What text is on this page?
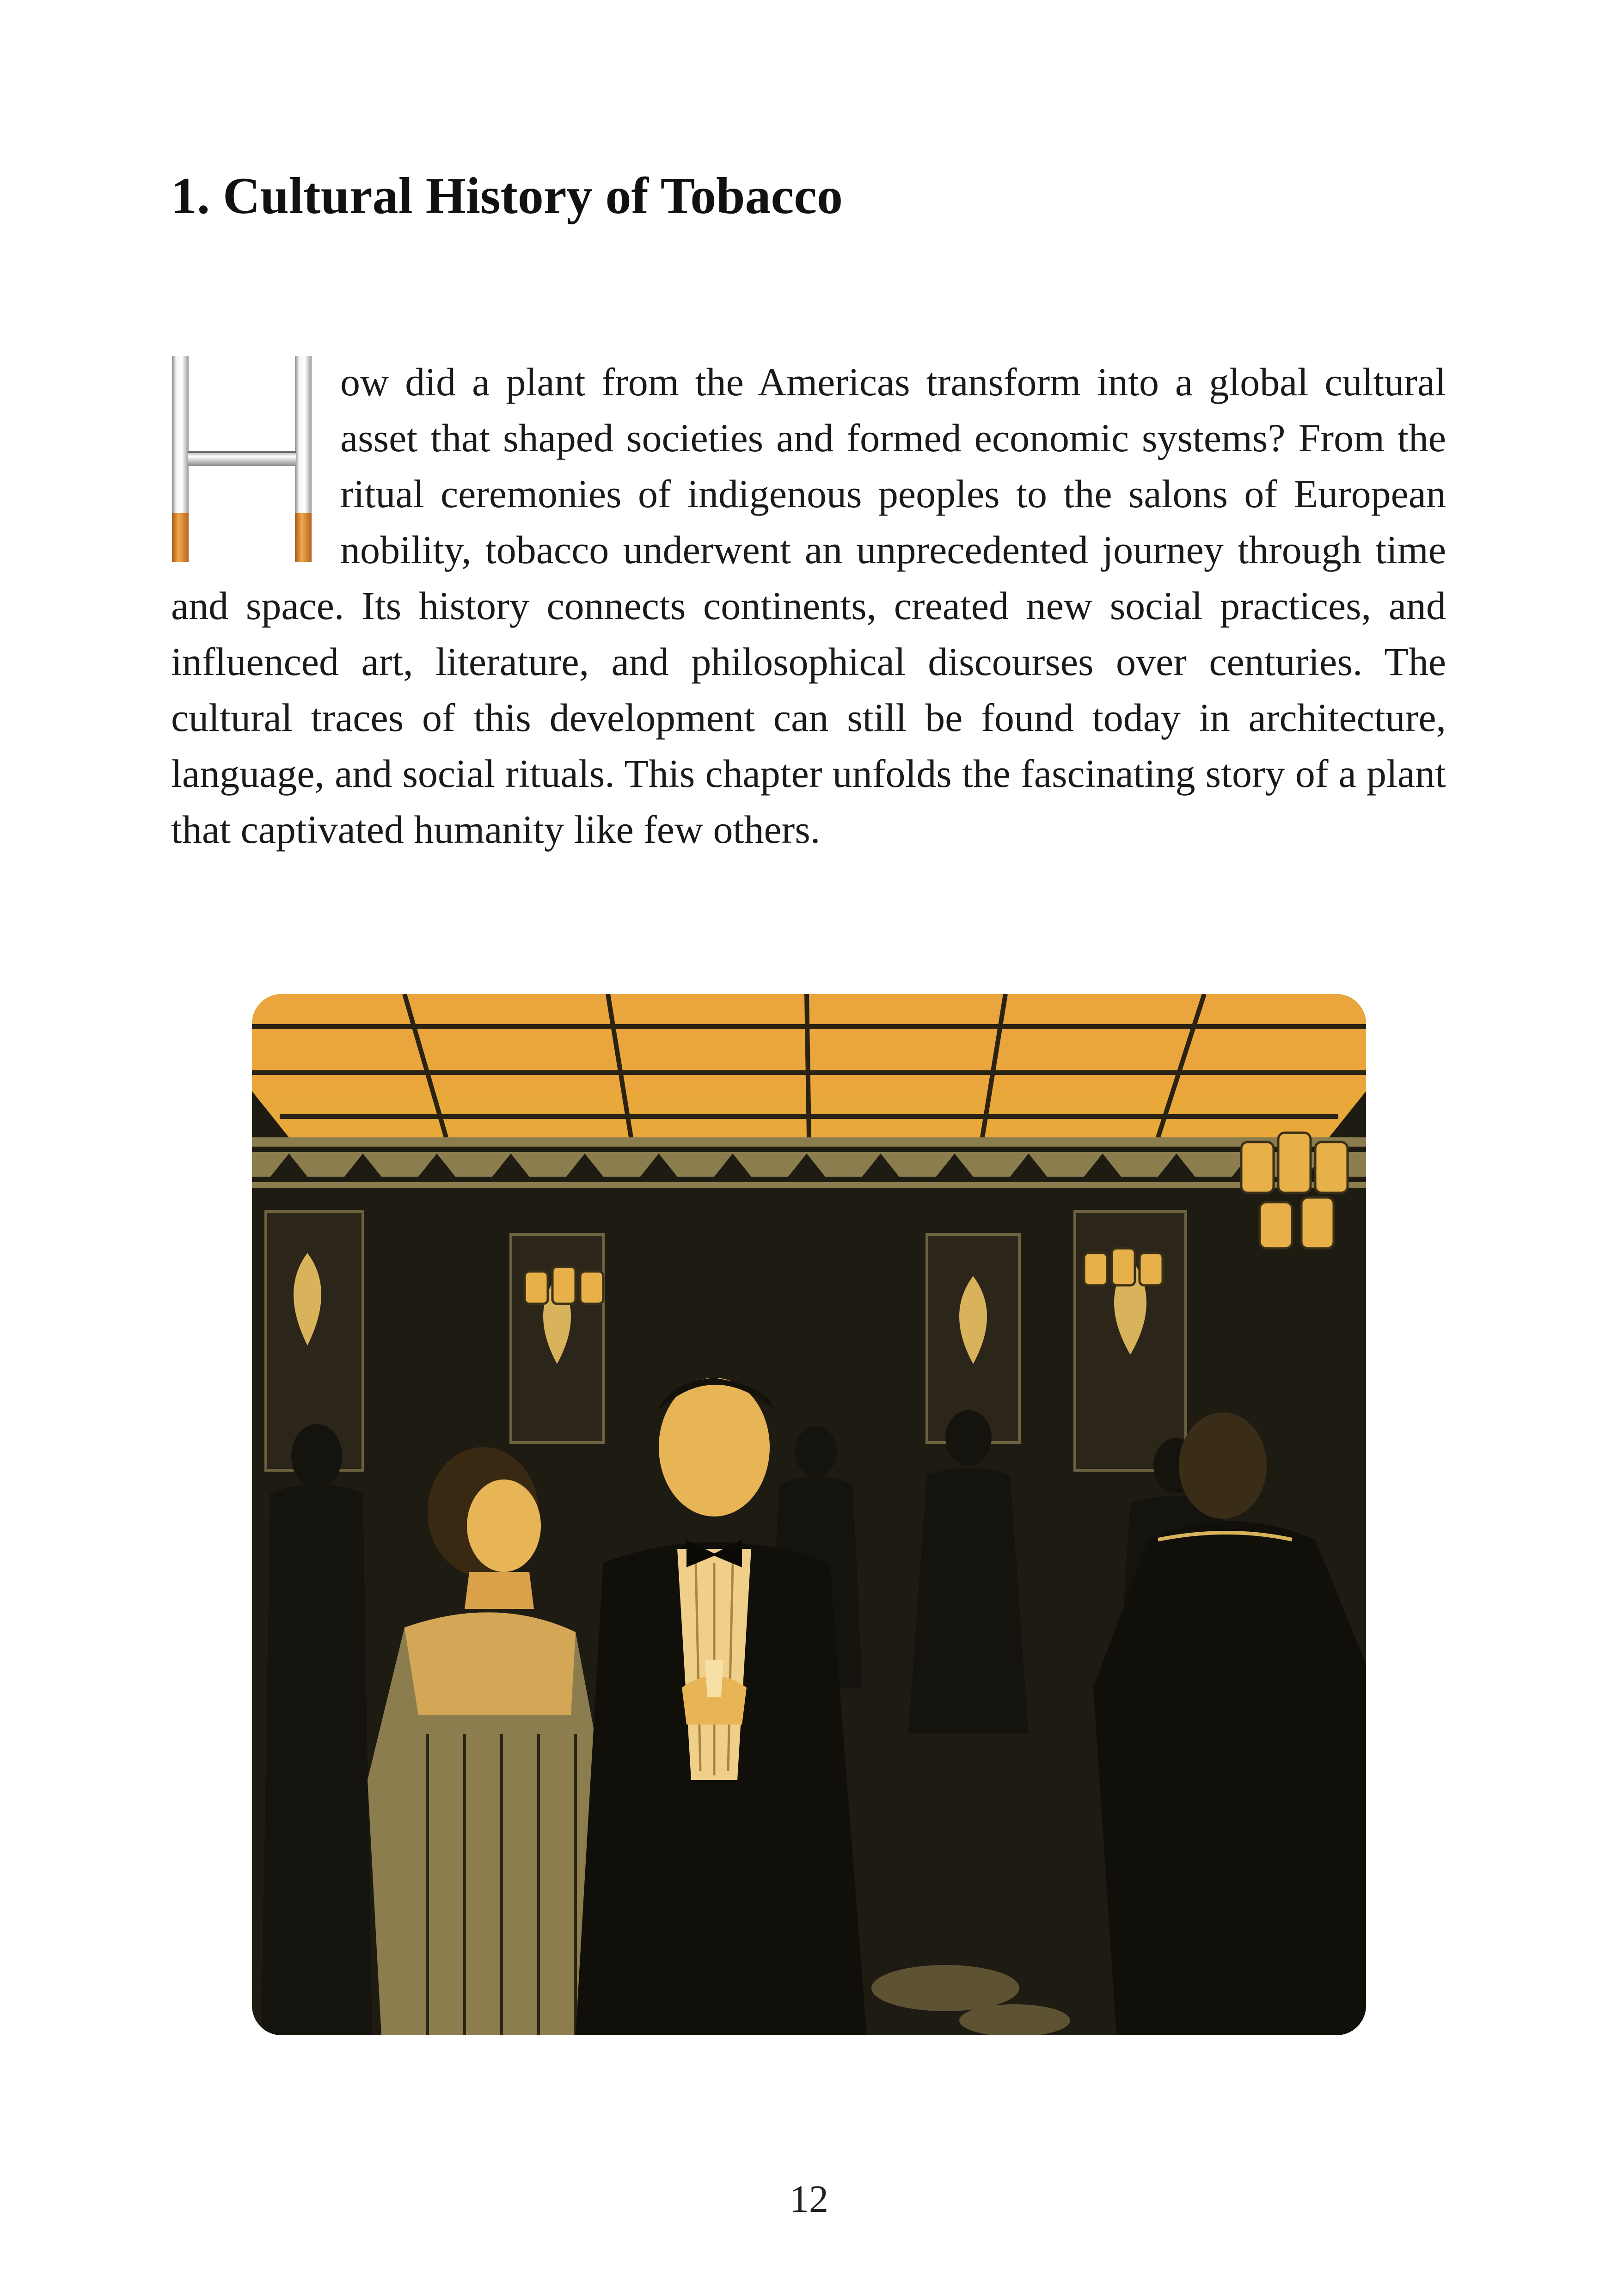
1. Cultural History of Tobacco

ow did a plant from the Americas transform into a global cultural asset that shaped societies and formed economic systems? From the ritual ceremonies of indigenous peoples to the salons of European nobility, tobacco underwent an unprecedented journey through time and space. Its history connects continents, created new social practices, and influenced art, literature, and philosophical discourses over centuries. The cultural traces of this development can still be found today in architecture, language, and social rituals. This chapter unfolds the fascinating story of a plant that captivated humanity like few others.

12
